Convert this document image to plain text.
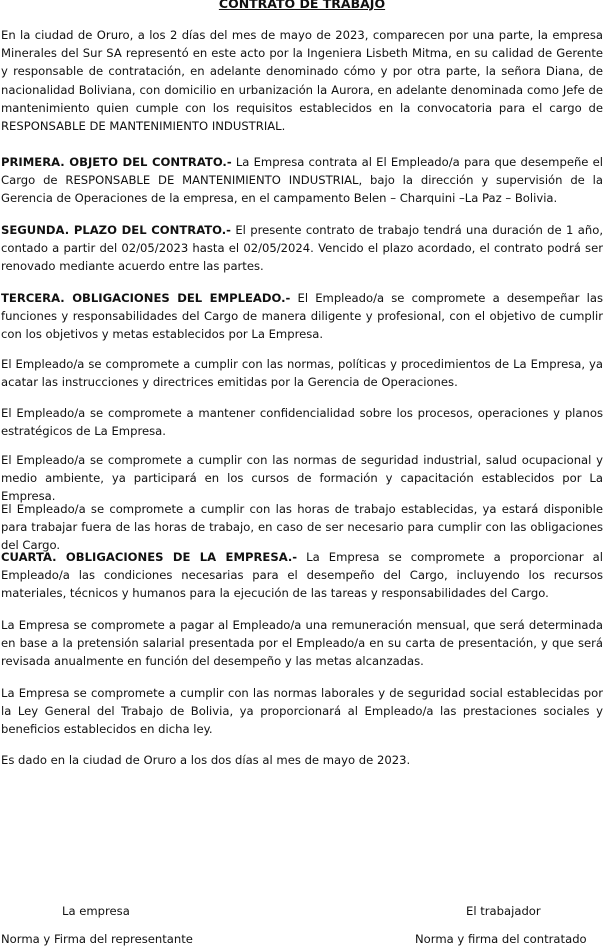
CONTRATO DE TRABAJO

En la ciudad de Oruro, a los 2 días del mes de mayo de 2023, comparecen por una parte, la empresa Minerales del Sur SA representó en este acto por la Ingeniera Lisbeth Mitma, en su calidad de Gerente y responsable de contratación, en adelante denominado cómo y por otra parte, la señora Diana, de nacionalidad Boliviana, con domicilio en urbanización la Aurora, en adelante denominada como Jefe de mantenimiento quien cumple con los requisitos establecidos en la convocatoria para el cargo de RESPONSABLE DE MANTENIMIENTO INDUSTRIAL.

PRIMERA. OBJETO DEL CONTRATO.- La Empresa contrata al El Empleado/a para que desempeñe el Cargo de RESPONSABLE DE MANTENIMIENTO INDUSTRIAL, bajo la dirección y supervisión de la Gerencia de Operaciones de la empresa, en el campamento Belen – Charquini –La Paz – Bolivia.

SEGUNDA. PLAZO DEL CONTRATO.- El presente contrato de trabajo tendrá una duración de 1 año, contado a partir del 02/05/2023 hasta el 02/05/2024. Vencido el plazo acordado, el contrato podrá ser renovado mediante acuerdo entre las partes.

TERCERA. OBLIGACIONES DEL EMPLEADO.- El Empleado/a se compromete a desempeñar las funciones y responsabilidades del Cargo de manera diligente y profesional, con el objetivo de cumplir con los objetivos y metas establecidos por La Empresa.

El Empleado/a se compromete a cumplir con las normas, políticas y procedimientos de La Empresa, ya acatar las instrucciones y directrices emitidas por la Gerencia de Operaciones.

El Empleado/a se compromete a mantener confidencialidad sobre los procesos, operaciones y planos estratégicos de La Empresa.

El Empleado/a se compromete a cumplir con las normas de seguridad industrial, salud ocupacional y medio ambiente, ya participará en los cursos de formación y capacitación establecidos por La Empresa.

El Empleado/a se compromete a cumplir con las horas de trabajo establecidas, ya estará disponible para trabajar fuera de las horas de trabajo, en caso de ser necesario para cumplir con las obligaciones del Cargo.

CUARTA. OBLIGACIONES DE LA EMPRESA.- La Empresa se compromete a proporcionar al Empleado/a las condiciones necesarias para el desempeño del Cargo, incluyendo los recursos materiales, técnicos y humanos para la ejecución de las tareas y responsabilidades del Cargo.

La Empresa se compromete a pagar al Empleado/a una remuneración mensual, que será determinada en base a la pretensión salarial presentada por el Empleado/a en su carta de presentación, y que será revisada anualmente en función del desempeño y las metas alcanzadas.

La Empresa se compromete a cumplir con las normas laborales y de seguridad social establecidas por la Ley General del Trabajo de Bolivia, ya proporcionará al Empleado/a las prestaciones sociales y beneficios establecidos en dicha ley.

Es dado en la ciudad de Oruro a los dos días al mes de mayo de 2023.

La empresa
Norma y Firma del representante
El trabajador
Norma y firma del contratado
